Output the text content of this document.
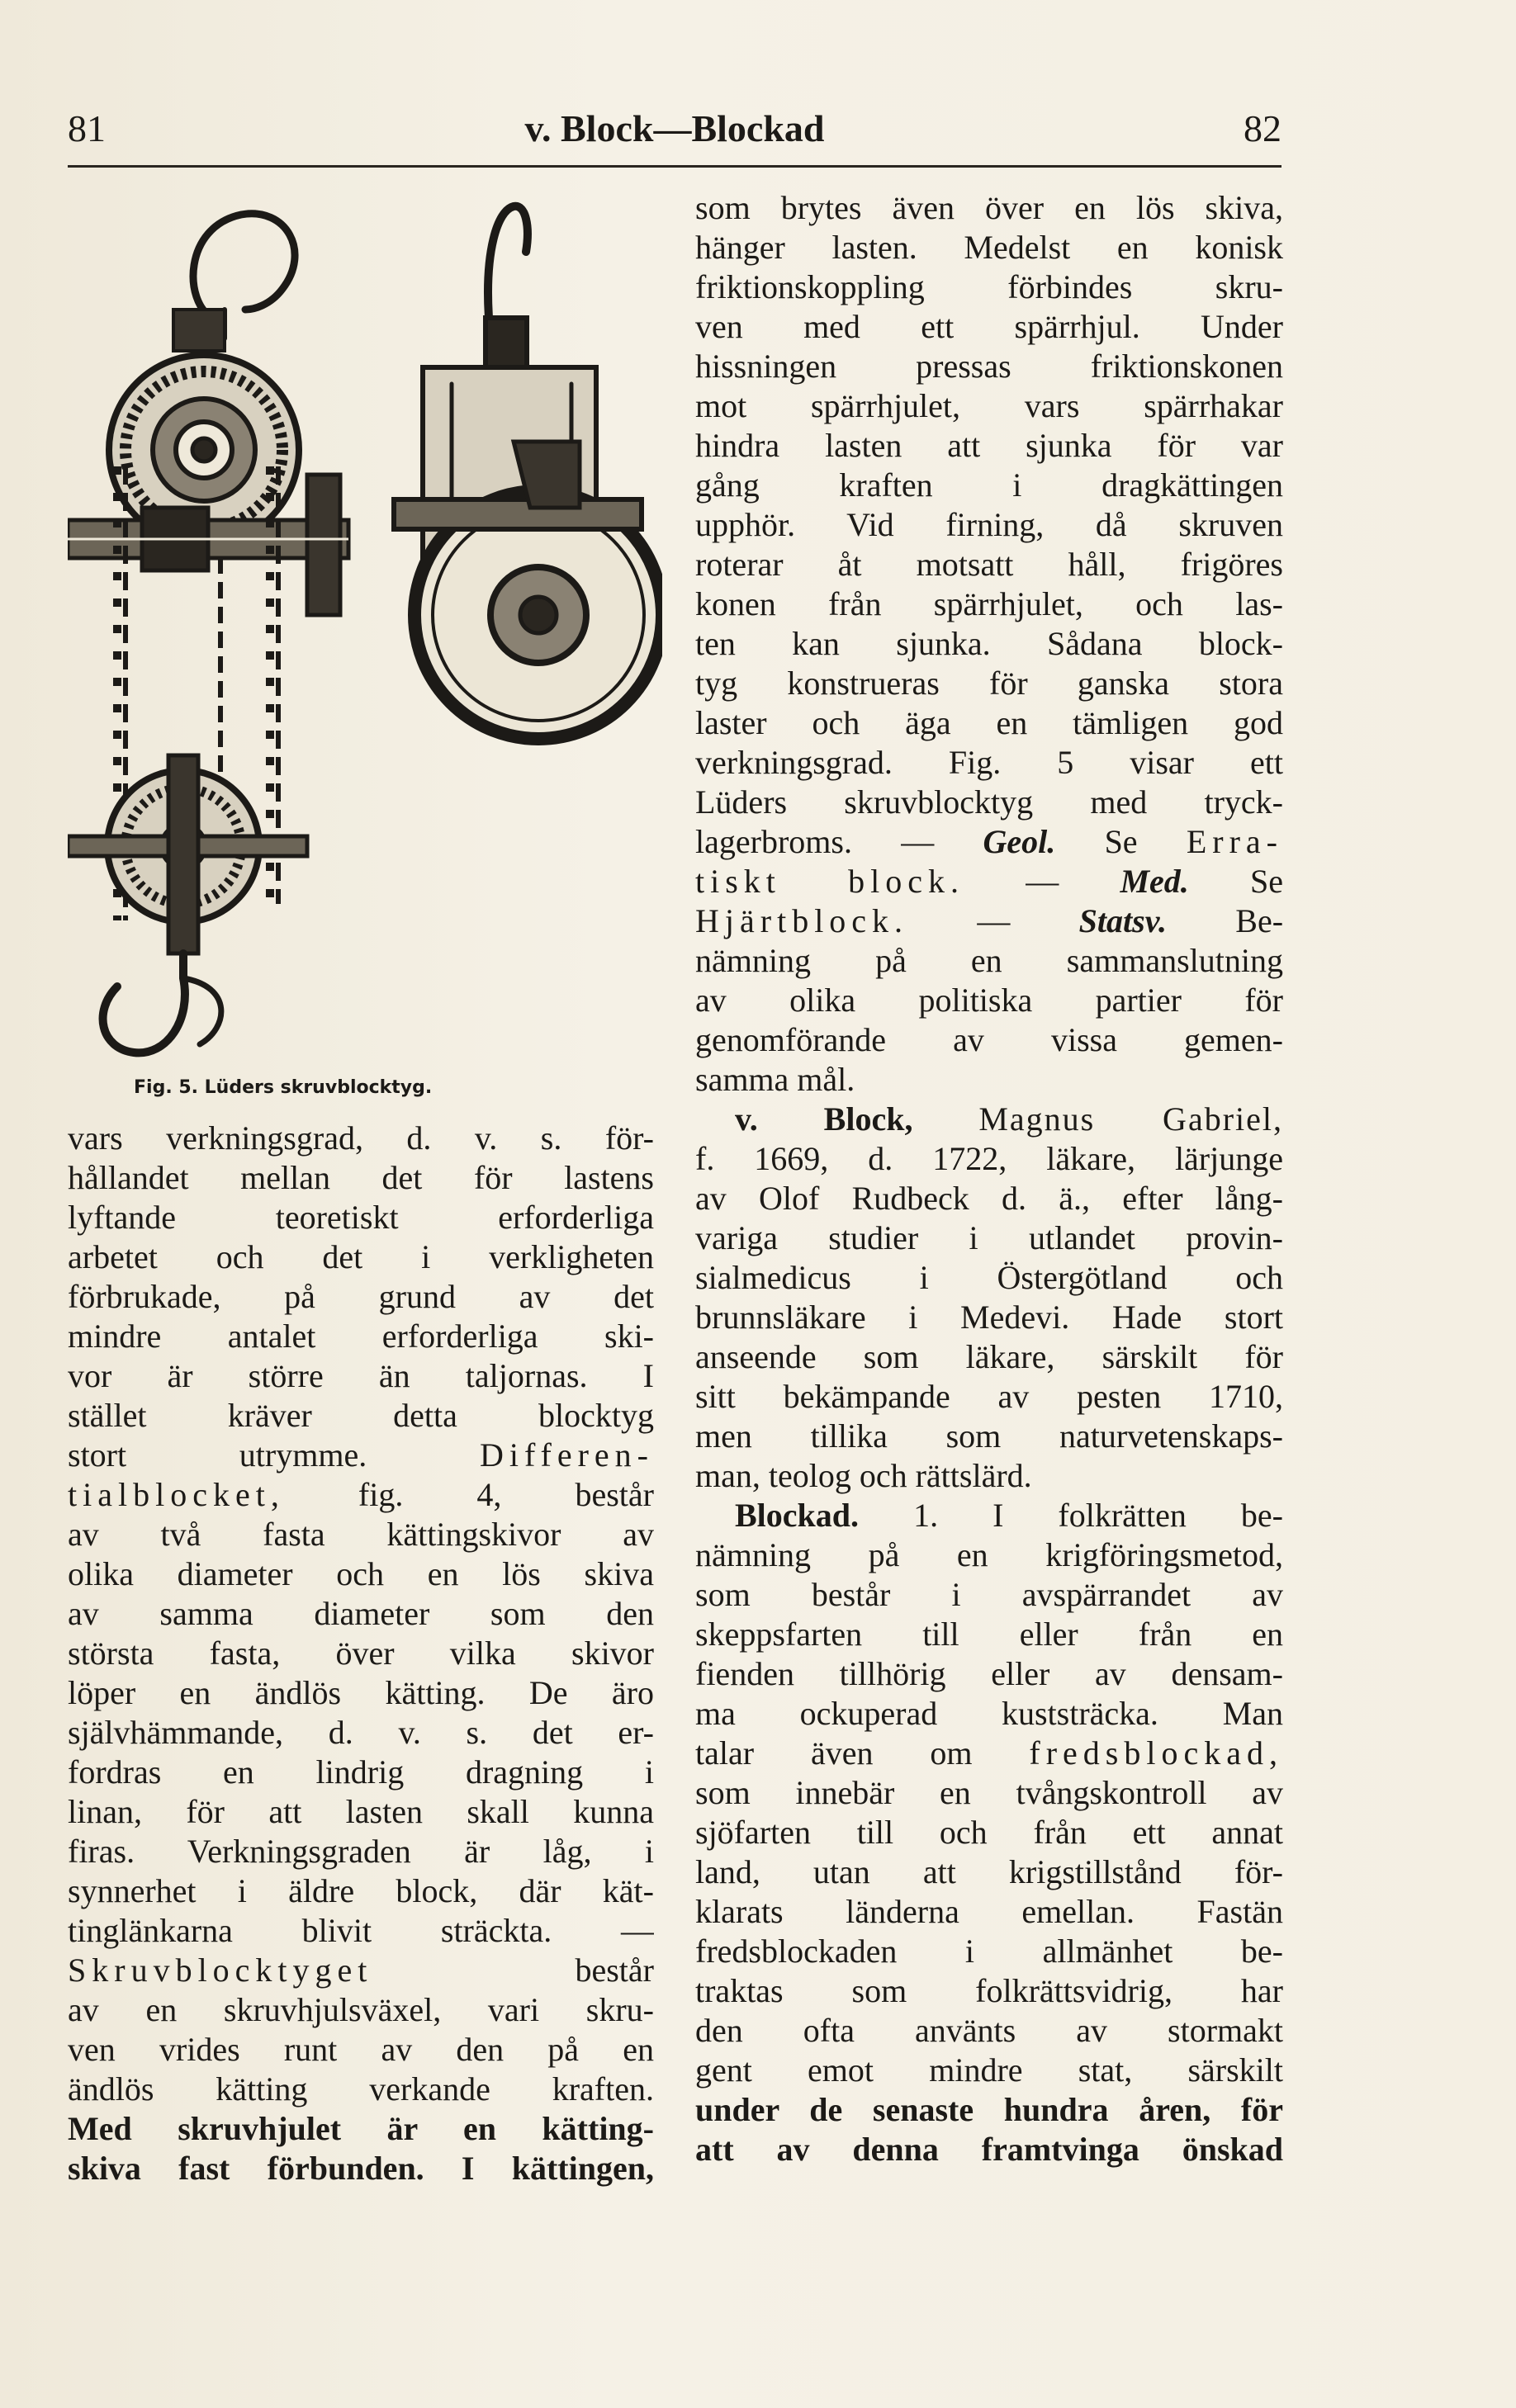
81	v. Block—Blockad	82
Fig. 5. Lüders skruvblocktyg.
vars verkningsgrad, d. v. s. för-
hållandet mellan det för lastens
lyftande teoretiskt erforderliga
arbetet och det i verkligheten
förbrukade, på grund av det
mindre antalet erforderliga ski-
vor är större än taljornas. I
stället kräver detta blocktyg
stort utrymme.	Differen-
tialblocket, fig. 4, består
av två fasta kättingskivor av
olika diameter och en lös skiva
av samma diameter som den
största fasta, över vilka skivor
löper en ändlös kätting. De äro
självhämmande, d. v. s. det er-
fordras en lindrig dragning i
linan, för att lasten skall kunna
firas. Verkningsgraden är låg, i
synnerhet i äldre block, där kät-
tinglänkarna blivit sträckta. —
Skruvblocktyget	består
av en skruvhjulsväxel, vari skru-
ven vrides runt av den på en
ändlös kätting verkande kraften.
Med skruvhjulet är en kätting-
skiva fast förbunden. I kättingen,
som brytes även över en lös skiva,
hänger lasten. Medelst en konisk
friktionskoppling förbindes skru-
ven med ett spärrhjul. Under
hissningen pressas friktionskonen
mot spärrhjulet, vars spärrhakar
hindra lasten att sjunka för var
gång kraften i dragkättingen
upphör. Vid firning, då skruven
roterar åt motsatt håll, frigöres
konen från spärrhjulet, och las-
ten kan sjunka. Sådana block-
tyg konstrueras för ganska stora
laster och äga en tämligen god
verkningsgrad. Fig. 5 visar ett
Lüders skruvblocktyg med tryck-
lagerbroms. — Geol. Se Erra-
tiskt block. — Med. Se
Hjärtblock. — Statsv. Be-
nämning på en sammanslutning
av olika politiska partier för
genomförande av vissa gemen-
samma mål.
v. Block, Magnus Gabriel,
f. 1669, d. 1722, läkare, lärjunge
av Olof Rudbeck d. ä., efter lång-
variga studier i utlandet provin-
sialmedicus i Östergötland och
brunnsläkare i Medevi. Hade stort
anseende som läkare, särskilt för
sitt bekämpande av pesten 1710,
men tillika som naturvetenskaps-
man, teolog och rättslärd.
Blockad. 1. I folkrätten be-
nämning på en krigföringsmetod,
som består i avspärrandet av
skeppsfarten till eller från en
fienden tillhörig eller av densam-
ma ockuperad kuststräcka. Man
talar även om fredsblockad,
som innebär en tvångskontroll av
sjöfarten till och från ett annat
land, utan att krigstillstånd för-
klarats länderna emellan. Fastän
fredsblockaden i allmänhet be-
traktas som folkrättsvidrig, har
den ofta använts av stormakt
gent emot mindre stat, särskilt
under de senaste hundra åren, för
att av denna framtvinga önskad
